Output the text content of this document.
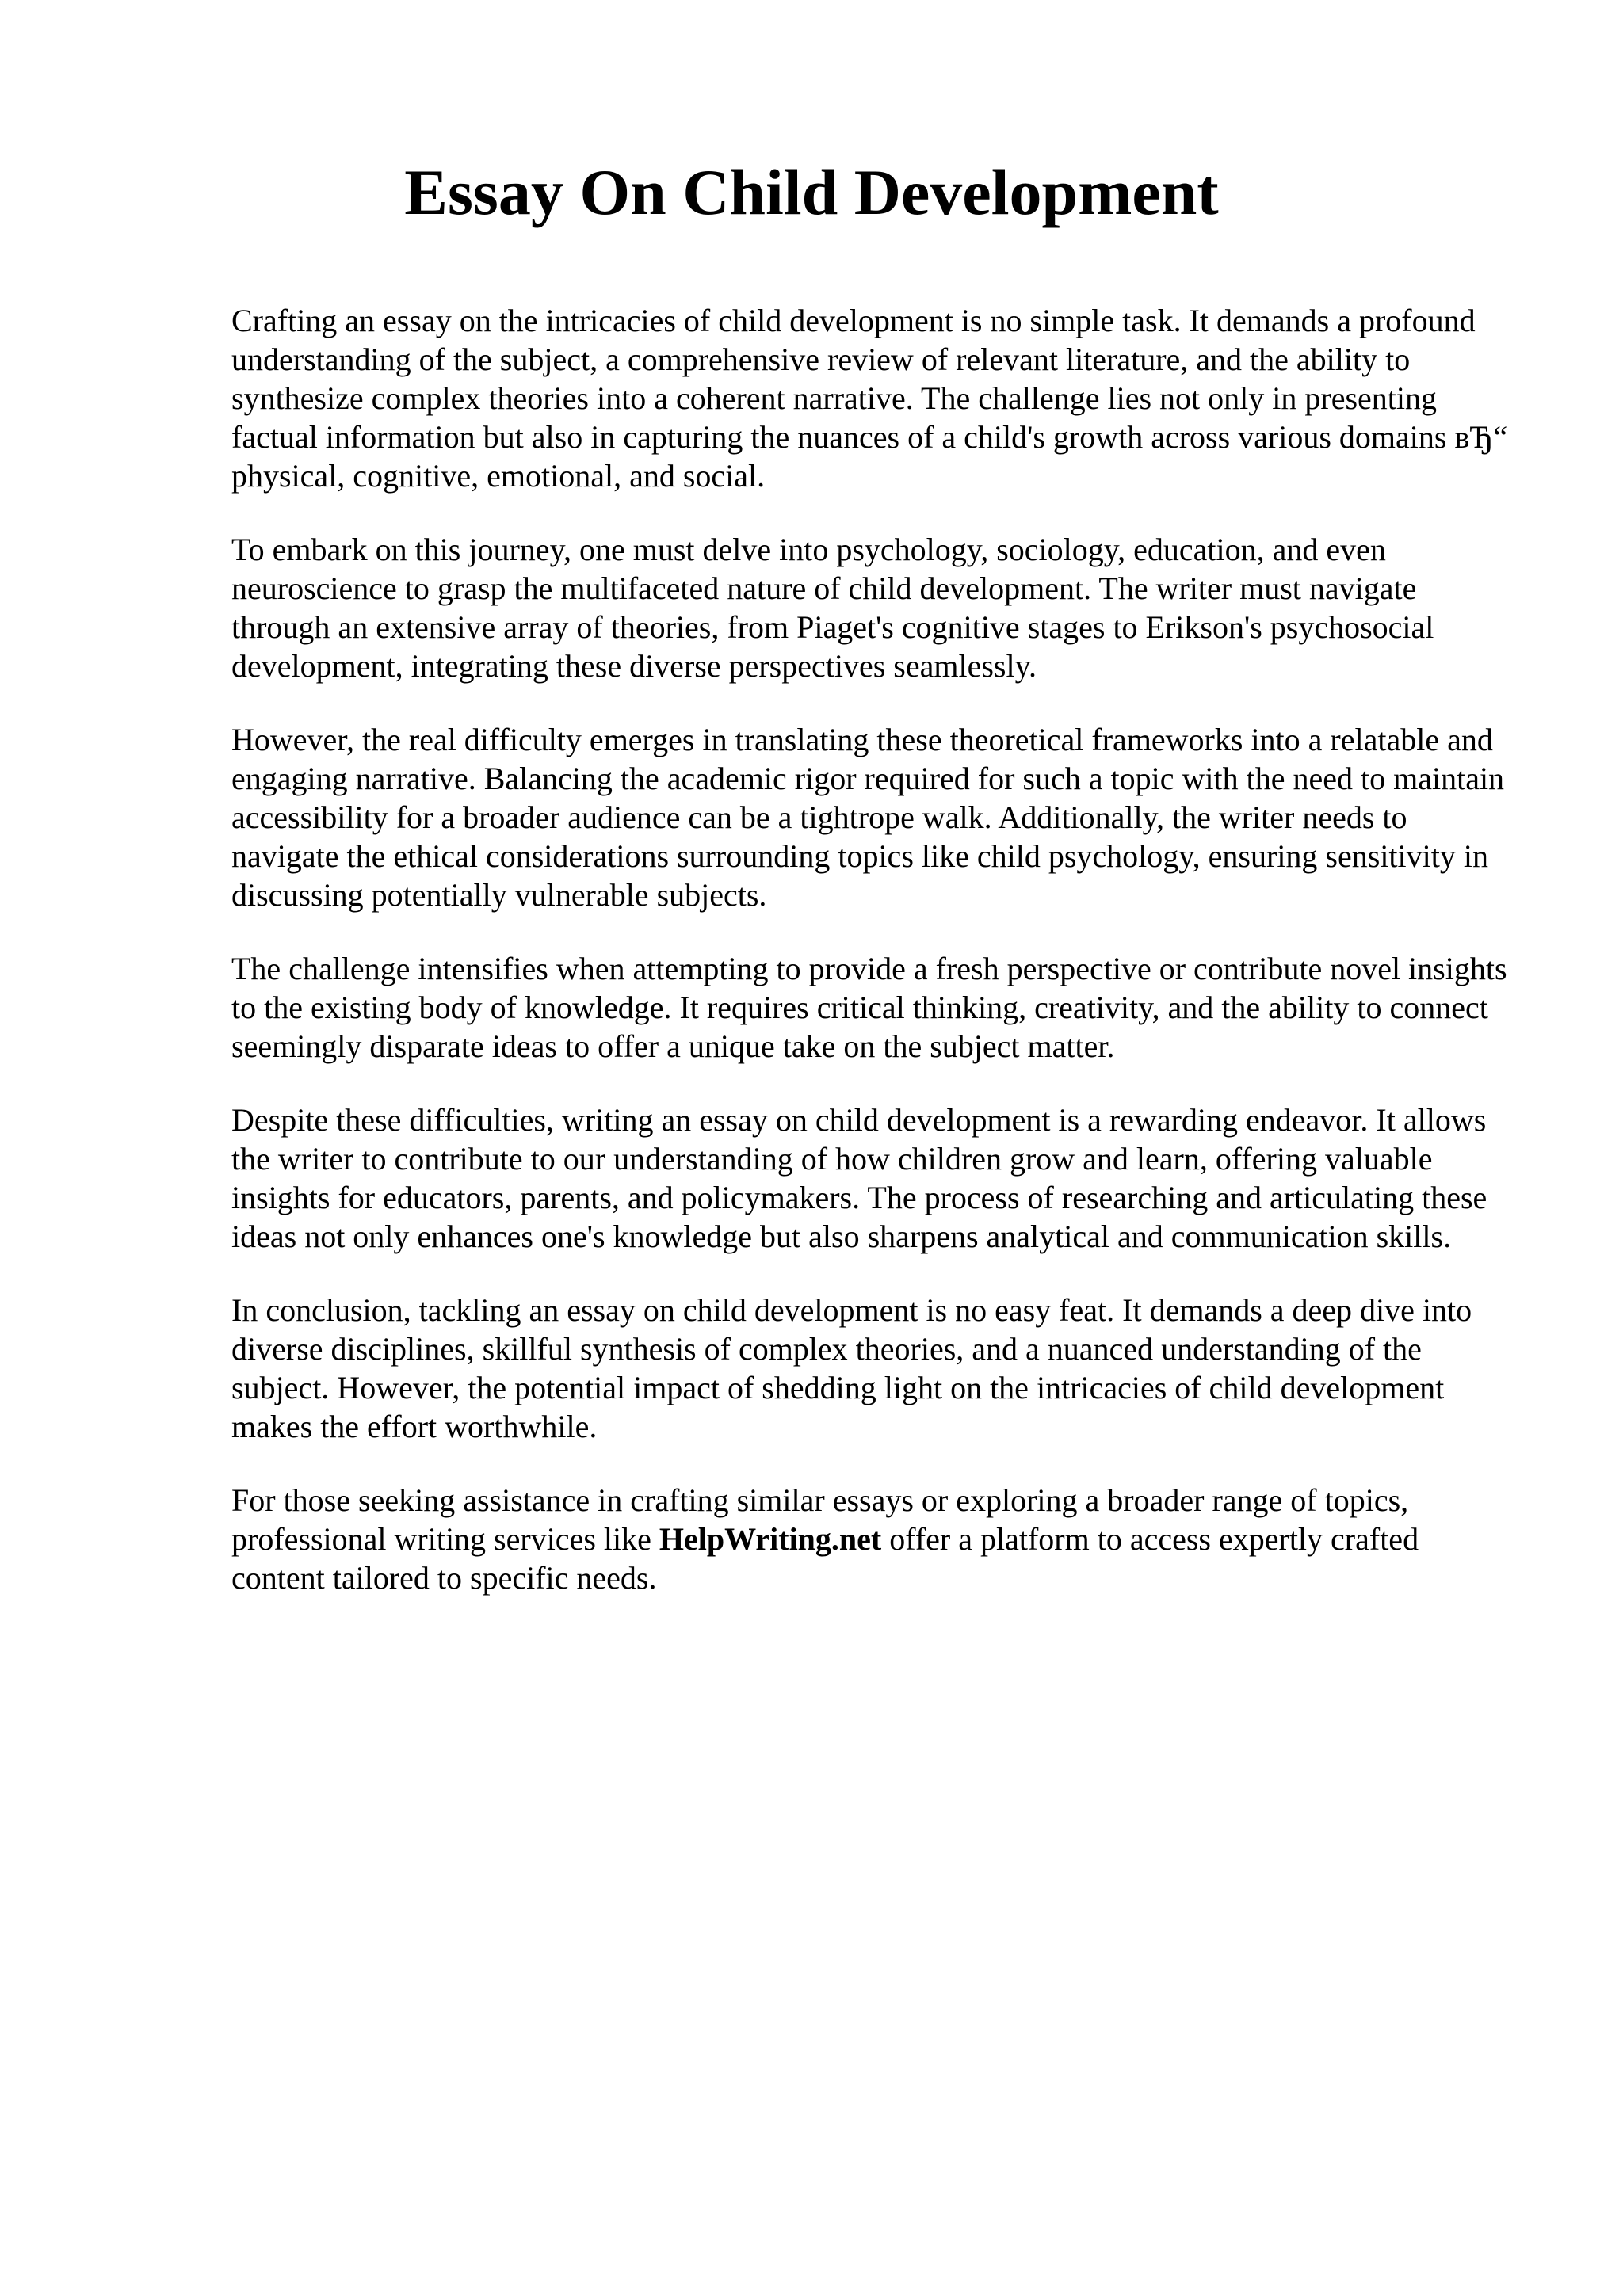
Essay On Child Development

Crafting an essay on the intricacies of child development is no simple task. It demands a profound understanding of the subject, a comprehensive review of relevant literature, and the ability to synthesize complex theories into a coherent narrative. The challenge lies not only in presenting factual information but also in capturing the nuances of a child's growth across various domains вЂ“ physical, cognitive, emotional, and social.

To embark on this journey, one must delve into psychology, sociology, education, and even neuroscience to grasp the multifaceted nature of child development. The writer must navigate through an extensive array of theories, from Piaget's cognitive stages to Erikson's psychosocial development, integrating these diverse perspectives seamlessly.

However, the real difficulty emerges in translating these theoretical frameworks into a relatable and engaging narrative. Balancing the academic rigor required for such a topic with the need to maintain accessibility for a broader audience can be a tightrope walk. Additionally, the writer needs to navigate the ethical considerations surrounding topics like child psychology, ensuring sensitivity in discussing potentially vulnerable subjects.

The challenge intensifies when attempting to provide a fresh perspective or contribute novel insights to the existing body of knowledge. It requires critical thinking, creativity, and the ability to connect seemingly disparate ideas to offer a unique take on the subject matter.

Despite these difficulties, writing an essay on child development is a rewarding endeavor. It allows the writer to contribute to our understanding of how children grow and learn, offering valuable insights for educators, parents, and policymakers. The process of researching and articulating these ideas not only enhances one's knowledge but also sharpens analytical and communication skills.

In conclusion, tackling an essay on child development is no easy feat. It demands a deep dive into diverse disciplines, skillful synthesis of complex theories, and a nuanced understanding of the subject. However, the potential impact of shedding light on the intricacies of child development makes the effort worthwhile.

For those seeking assistance in crafting similar essays or exploring a broader range of topics, professional writing services like HelpWriting.net offer a platform to access expertly crafted content tailored to specific needs.
